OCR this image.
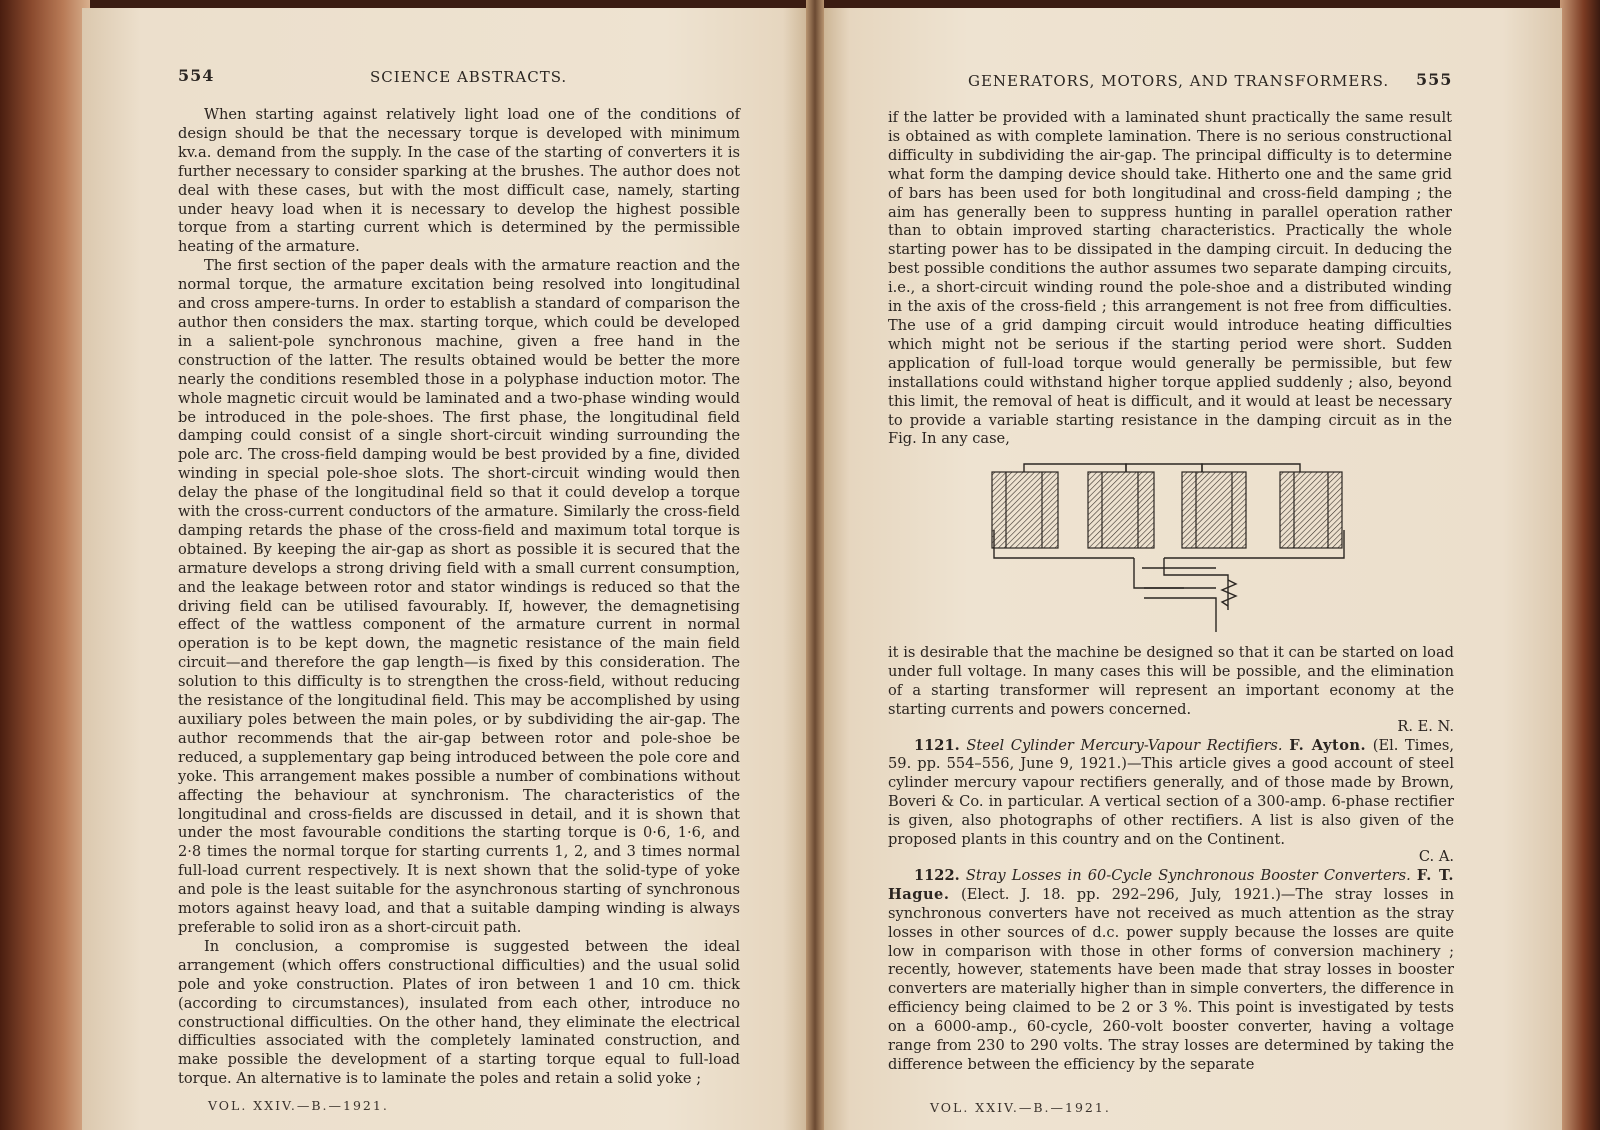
554	SCIENCE ABSTRACTS.

When starting against relatively light load one of the conditions of design should be that the necessary torque is developed with minimum kv.a. demand from the supply. In the case of the starting of converters it is further necessary to consider sparking at the brushes. The author does not deal with these cases, but with the most difficult case, namely, starting under heavy load when it is necessary to develop the highest possible torque from a starting current which is determined by the permissible heating of the armature.

The first section of the paper deals with the armature reaction and the normal torque, the armature excitation being resolved into longitudinal and cross ampere-turns. In order to establish a standard of comparison the author then considers the max. starting torque, which could be developed in a salient-pole synchronous machine, given a free hand in the construction of the latter. The results obtained would be better the more nearly the conditions resembled those in a polyphase induction motor. The whole magnetic circuit would be laminated and a two-phase winding would be introduced in the pole-shoes. The first phase, the longitudinal field damping could consist of a single short-circuit winding surrounding the pole arc. The cross-field damping would be best provided by a fine, divided winding in special pole-shoe slots. The short-circuit winding would then delay the phase of the longitudinal field so that it could develop a torque with the cross-current conductors of the armature. Similarly the cross-field damping retards the phase of the cross-field and maximum total torque is obtained. By keeping the air-gap as short as possible it is secured that the armature develops a strong driving field with a small current consumption, and the leakage between rotor and stator windings is reduced so that the driving field can be utilised favourably. If, however, the demagnetising effect of the wattless component of the armature current in normal operation is to be kept down, the magnetic resistance of the main field circuit—and therefore the gap length—is fixed by this consideration. The solution to this difficulty is to strengthen the cross-field, without reducing the resistance of the longitudinal field. This may be accomplished by using auxiliary poles between the main poles, or by subdividing the air-gap. The author recommends that the air-gap between rotor and pole-shoe be reduced, a supplementary gap being introduced between the pole core and yoke. This arrangement makes possible a number of combinations without affecting the behaviour at synchronism. The characteristics of the longitudinal and cross-fields are discussed in detail, and it is shown that under the most favourable conditions the starting torque is 0·6, 1·6, and 2·8 times the normal torque for starting currents 1, 2, and 3 times normal full-load current respectively. It is next shown that the solid-type of yoke and pole is the least suitable for the asynchronous starting of synchronous motors against heavy load, and that a suitable damping winding is always preferable to solid iron as a short-circuit path.

In conclusion, a compromise is suggested between the ideal arrangement (which offers constructional difficulties) and the usual solid pole and yoke construction. Plates of iron between 1 and 10 cm. thick (according to circumstances), insulated from each other, introduce no constructional difficulties. On the other hand, they eliminate the electrical difficulties associated with the completely laminated construction, and make possible the development of a starting torque equal to full-load torque. An alternative is to laminate the poles and retain a solid yoke ;

VOL. XXIV.—B.—1921.
GENERATORS, MOTORS, AND TRANSFORMERS. 555

if the latter be provided with a laminated shunt practically the same result is obtained as with complete lamination. There is no serious constructional difficulty in subdividing the air-gap. The principal difficulty is to determine what form the damping device should take. Hitherto one and the same grid of bars has been used for both longitudinal and cross-field damping ; the aim has generally been to suppress hunting in parallel operation rather than to obtain improved starting characteristics. Practically the whole starting power has to be dissipated in the damping circuit. In deducing the best possible conditions the author assumes two separate damping circuits, i.e., a short-circuit winding round the pole-shoe and a distributed winding in the axis of the cross-field ; this arrangement is not free from difficulties. The use of a grid damping circuit would introduce heating difficulties which might not be serious if the starting period were short. Sudden application of full-load torque would generally be permissible, but few installations could withstand higher torque applied suddenly ; also, beyond this limit, the removal of heat is difficult, and it would at least be necessary to provide a variable starting resistance in the damping circuit as in the Fig. In any case,

it is desirable that the machine be designed so that it can be started on load under full voltage. In many cases this will be possible, and the elimination of a starting transformer will represent an important economy at the starting currents and powers concerned.

R. E. N.

1121. Steel Cylinder Mercury-Vapour Rectifiers. F. Ayton. (El. Times, 59. pp. 554–556, June 9, 1921.)—This article gives a good account of steel cylinder mercury vapour rectifiers generally, and of those made by Brown, Boveri & Co. in particular. A vertical section of a 300-amp. 6-phase rectifier is given, also photographs of other rectifiers. A list is also given of the proposed plants in this country and on the Continent.

C. A.

1122. Stray Losses in 60-Cycle Synchronous Booster Converters. F. T. Hague. (Elect. J. 18. pp. 292–296, July, 1921.)—The stray losses in synchronous converters have not received as much attention as the stray losses in other sources of d.c. power supply because the losses are quite low in comparison with those in other forms of conversion machinery ; recently, however, statements have been made that stray losses in booster converters are materially higher than in simple converters, the difference in efficiency being claimed to be 2 or 3 %. This point is investigated by tests on a 6000-amp., 60-cycle, 260-volt booster converter, having a voltage range from 230 to 290 volts. The stray losses are determined by taking the difference between the efficiency by the separate

VOL. XXIV.—B.—1921.
